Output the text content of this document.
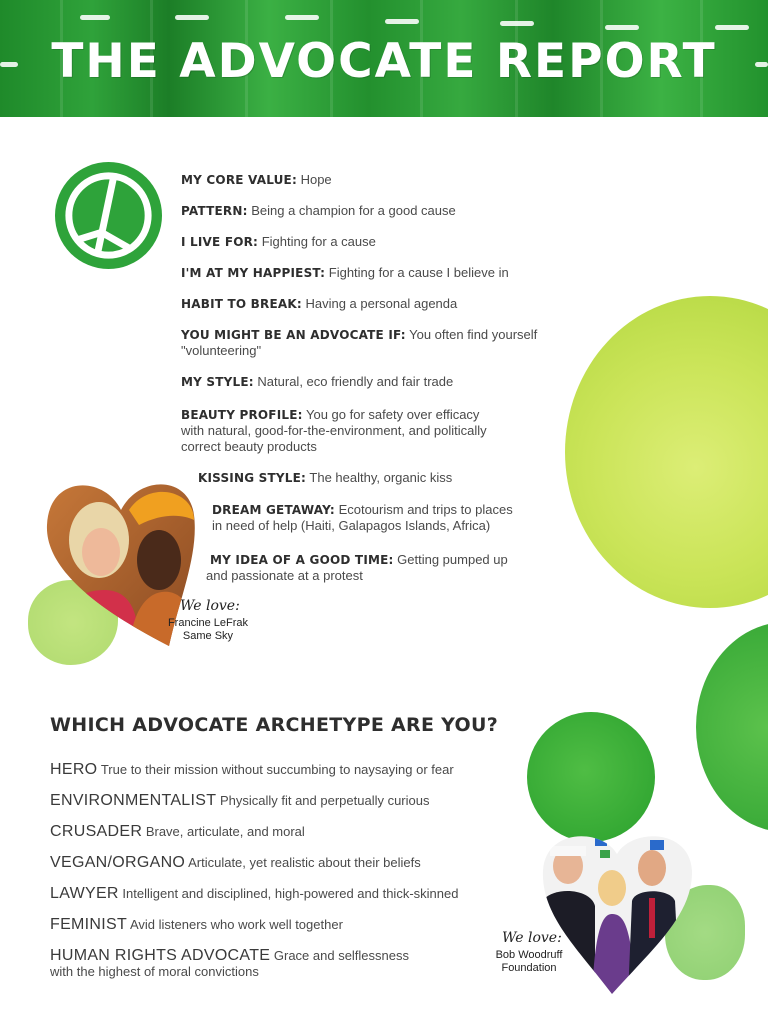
THE ADVOCATE REPORT
MY CORE VALUE: Hope
PATTERN: Being a champion for a good cause
I LIVE FOR: Fighting for a cause
I'M AT MY HAPPIEST: Fighting for a cause I believe in
HABIT TO BREAK: Having a personal agenda
YOU MIGHT BE AN ADVOCATE IF: You often find yourself
"volunteering"
MY STYLE: Natural, eco friendly and fair trade
BEAUTY PROFILE: You go for safety over efficacy
with natural, good-for-the-environment, and politically
correct beauty products
KISSING STYLE: The healthy, organic kiss
DREAM GETAWAY: Ecotourism and trips to places
in need of help (Haiti, Galapagos Islands, Africa)
MY IDEA OF A GOOD TIME: Getting pumped up
and passionate at a protest
We love:
Francine LeFrak
Same Sky
WHICH ADVOCATE ARCHETYPE ARE YOU?
HERO True to their mission without succumbing to naysaying or fear
ENVIRONMENTALIST Physically fit and perpetually curious
CRUSADER Brave, articulate, and moral
VEGAN/ORGANO Articulate, yet realistic about their beliefs
LAWYER Intelligent and disciplined, high-powered and thick-skinned
FEMINIST Avid listeners who work well together
HUMAN RIGHTS ADVOCATE Grace and selflessness
with the highest of moral convictions
We love:
Bob Woodruff
Foundation
